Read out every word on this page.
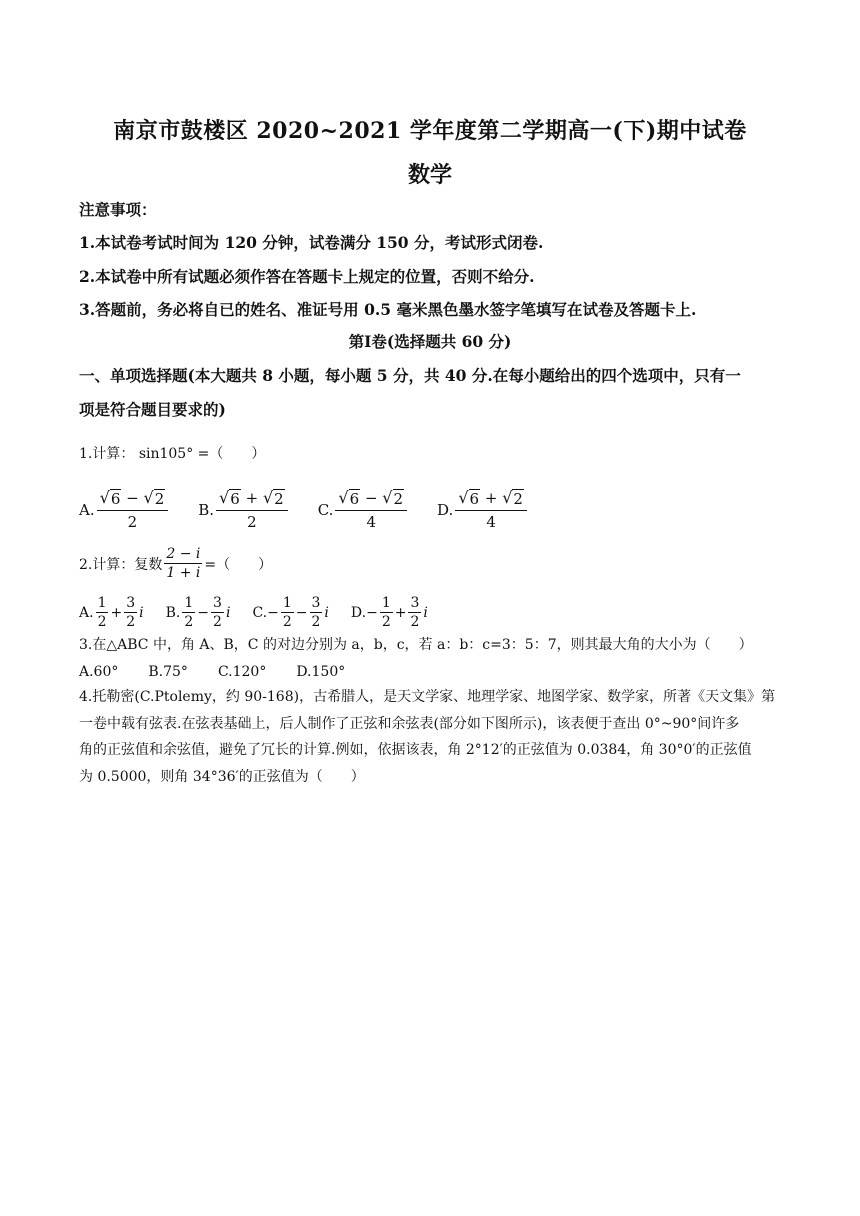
南京市鼓楼区 2020~2021 学年度第二学期高一(下)期中试卷
数学
注意事项：
1.本试卷考试时间为 120 分钟，试卷满分 150 分，考试形式闭卷.
2.本试卷中所有试题必须作答在答题卡上规定的位置，否则不给分.
3.答题前，务必将自已的姓名、准证号用 0.5 毫米黑色墨水签字笔填写在试卷及答题卡上.
第Ⅰ卷(选择题共 60 分)
一、单项选择题(本大题共 8 小题，每小题 5 分，共 40 分.在每小题给出的四个选项中，只有一
项是符合题目要求的)
1.计算： sin105° =（　　）
A. $\frac{√ 6 - √ 2}{2} B$. $\frac{√ 6 + √ 2}{2} C$. $\frac{√ 6 - √ 2}{4} D$. $\frac{√ 6 + √ 2}{4}$
2.计算：复数 $\frac{2 - i}{1 + i}$ =（　　）
A. $\frac{1}{2} + \frac{3}{2}$ i B. $\frac{1}{2} - \frac{3}{2}$ i C. − $\frac{1}{2} - \frac{3}{2}$ i D. − $\frac{1}{2} + \frac{3}{2}$ i
3.在△ABC 中，角 A、B，C 的对边分别为 a，b，c，若 a：b：c=3：5：7，则其最大角的大小为（　　）
A.60° B.75° C.120° D.150°
4.托勒密(C.Ptolemy，约 90-168)，古希腊人，是天文学家、地理学家、地图学家、数学家，所著《天文集》第
一卷中载有弦表.在弦表基础上，后人制作了正弦和余弦表(部分如下图所示)，该表便于查出 0°~90°间许多
角的正弦值和余弦值，避免了冗长的计算.例如，依据该表，角 2°12′的正弦值为 0.0384，角 30°0′的正弦值
为 0.5000，则角 34°36′的正弦值为（　　）
